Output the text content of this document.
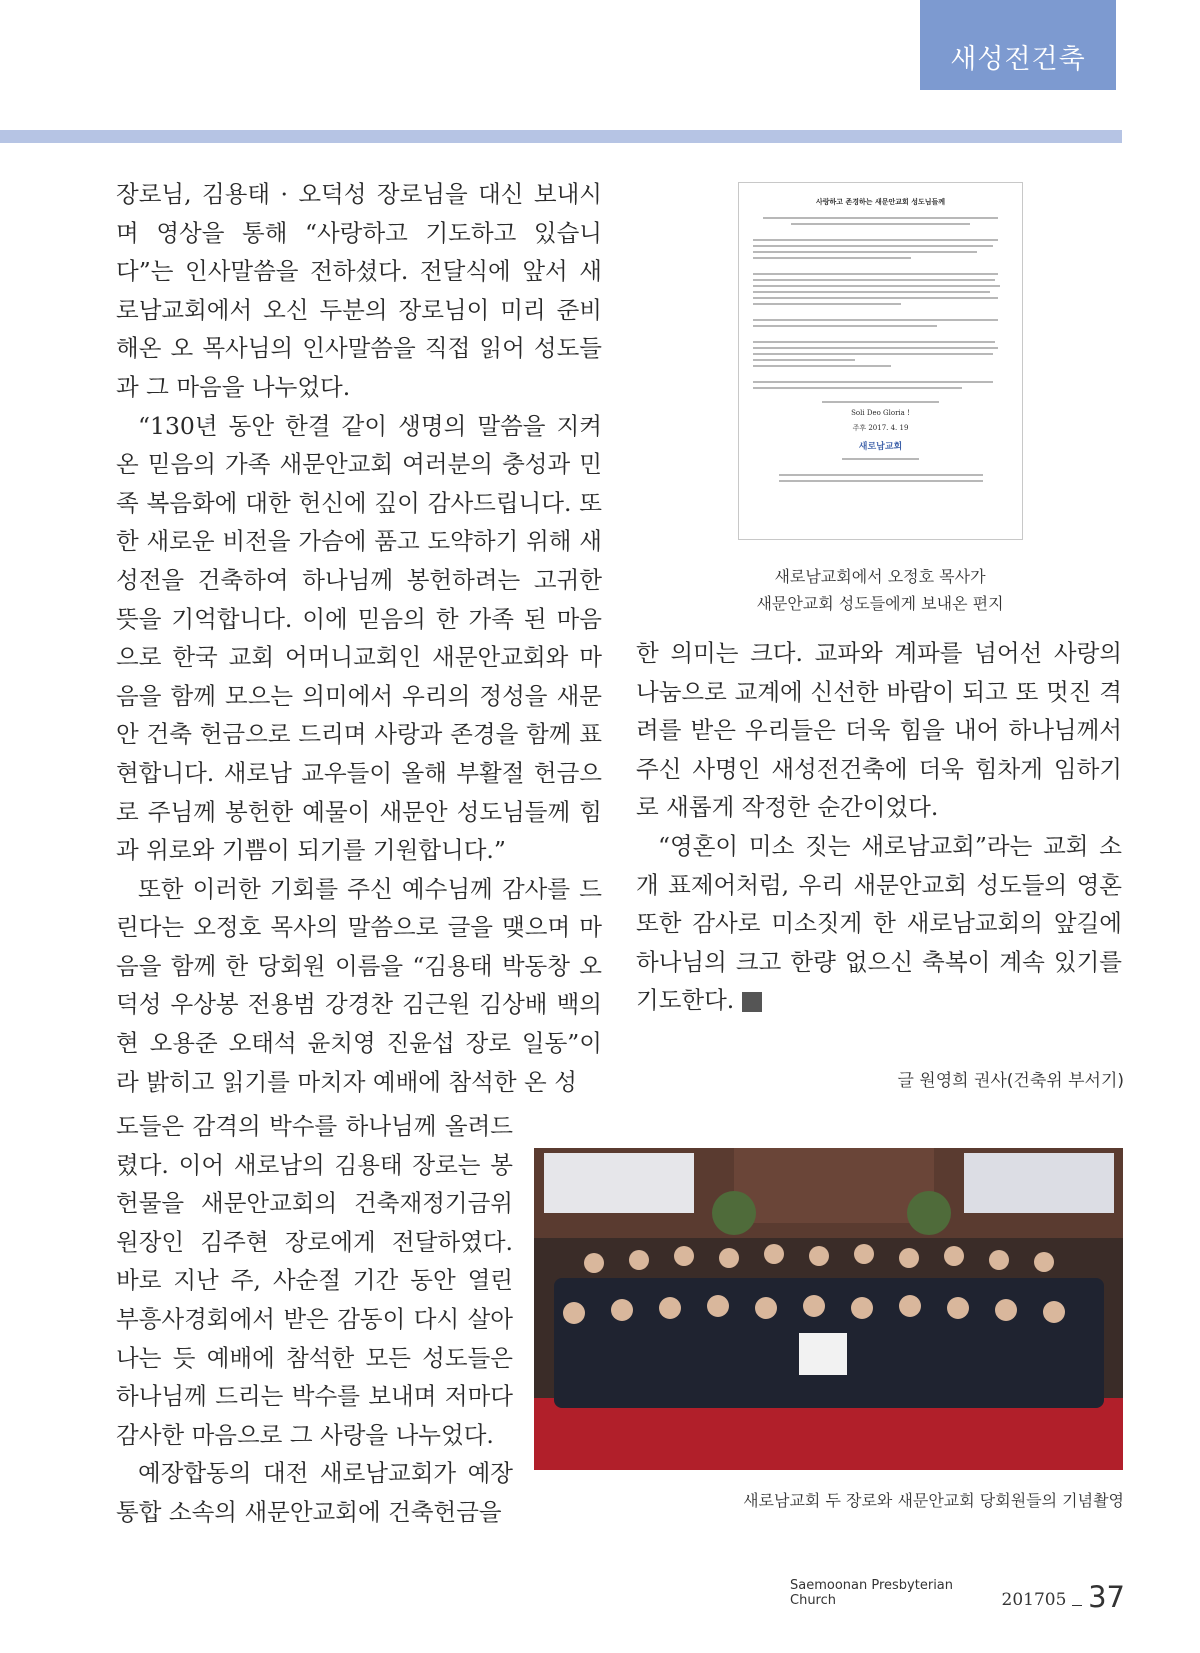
새성전건축

장로님, 김용태 · 오덕성 장로님을 대신 보내시며 영상을 통해 “사랑하고 기도하고 있습니다”는 인사말씀을 전하셨다. 전달식에 앞서 새로남교회에서 오신 두분의 장로님이 미리 준비해온 오 목사님의 인사말씀을 직접 읽어 성도들과 그 마음을 나누었다.

“130년 동안 한결 같이 생명의 말씀을 지켜온 믿음의 가족 새문안교회 여러분의 충성과 민족 복음화에 대한 헌신에 깊이 감사드립니다. 또한 새로운 비전을 가슴에 품고 도약하기 위해 새성전을 건축하여 하나님께 봉헌하려는 고귀한 뜻을 기억합니다. 이에 믿음의 한 가족 된 마음으로 한국 교회 어머니교회인 새문안교회와 마음을 함께 모으는 의미에서 우리의 정성을 새문안 건축 헌금으로 드리며 사랑과 존경을 함께 표현합니다. 새로남 교우들이 올해 부활절 헌금으로 주님께 봉헌한 예물이 새문안 성도님들께 힘과 위로와 기쁨이 되기를 기원합니다.”

또한 이러한 기회를 주신 예수님께 감사를 드린다는 오정호 목사의 말씀으로 글을 맺으며 마음을 함께 한 당회원 이름을 “김용태 박동창 오덕성 우상봉 전용범 강경찬 김근원 김상배 백의현 오용준 오태석 윤치영 진윤섭 장로 일동”이라 밝히고 읽기를 마치자 예배에 참석한 온 성

도들은 감격의 박수를 하나님께 올려드렸다. 이어 새로남의 김용태 장로는 봉헌물을 새문안교회의 건축재정기금위원장인 김주현 장로에게 전달하였다. 바로 지난 주, 사순절 기간 동안 열린 부흥사경회에서 받은 감동이 다시 살아나는 듯 예배에 참석한 모든 성도들은 하나님께 드리는 박수를 보내며 저마다 감사한 마음으로 그 사랑을 나누었다.

예장합동의 대전 새로남교회가 예장통합 소속의 새문안교회에 건축헌금을

사랑하고 존경하는 새문안교회 성도님들께
Soli Deo Gloria !
주후 2017. 4. 19
새로남교회
새로남교회에서 오정호 목사가
새문안교회 성도들에게 보내온 편지

한 의미는 크다. 교파와 계파를 넘어선 사랑의 나눔으로 교계에 신선한 바람이 되고 또 멋진 격려를 받은 우리들은 더욱 힘을 내어 하나님께서 주신 사명인 새성전건축에 더욱 힘차게 임하기로 새롭게 작정한 순간이었다.

“영혼이 미소 짓는 새로남교회”라는 교회 소개 표제어처럼, 우리 새문안교회 성도들의 영혼 또한 감사로 미소짓게 한 새로남교회의 앞길에 하나님의 크고 한량 없으신 축복이 계속 있기를 기도한다. 새

글 원영희 권사(건축위 부서기)
새로남교회 두 장로와 새문안교회 당회원들의 기념촬영
Saemoonan Presbyterian Church	201705 37
